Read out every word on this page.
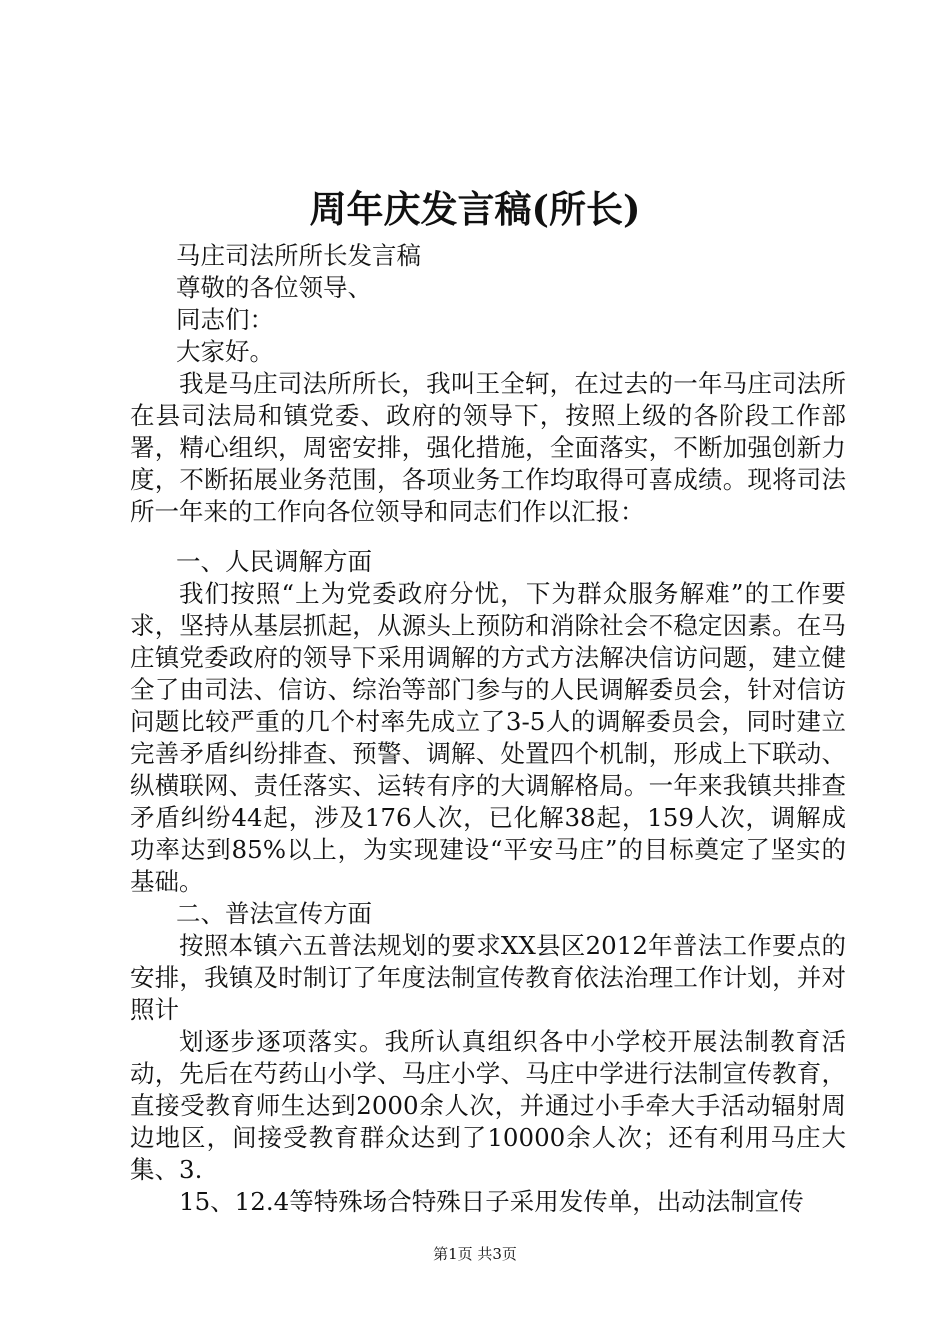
周年庆发言稿(所长)

马庄司法所所长发言稿

尊敬的各位领导、

同志们：

大家好。

我是马庄司法所所长，我叫王全轲，在过去的一年马庄司法所在县司法局和镇党委、政府的领导下，按照上级的各阶段工作部署，精心组织，周密安排，强化措施，全面落实，不断加强创新力度，不断拓展业务范围，各项业务工作均取得可喜成绩。现将司法所一年来的工作向各位领导和同志们作以汇报：

一、人民调解方面

我们按照“上为党委政府分忧，下为群众服务解难”的工作要求，坚持从基层抓起，从源头上预防和消除社会不稳定因素。在马庄镇党委政府的领导下采用调解的方式方法解决信访问题，建立健全了由司法、信访、综治等部门参与的人民调解委员会，针对信访问题比较严重的几个村率先成立了3-5人的调解委员会，同时建立完善矛盾纠纷排查、预警、调解、处置四个机制，形成上下联动、纵横联网、责任落实、运转有序的大调解格局。一年来我镇共排查矛盾纠纷44起，涉及176人次，已化解38起，159人次，调解成功率达到85%以上，为实现建设“平安马庄”的目标奠定了坚实的基础。

二、普法宣传方面

按照本镇六五普法规划的要求XX县区2012年普法工作要点的安排，我镇及时制订了年度法制宣传教育依法治理工作计划，并对照计

划逐步逐项落实。我所认真组织各中小学校开展法制教育活动，先后在芍药山小学、马庄小学、马庄中学进行法制宣传教育，直接受教育师生达到2000余人次，并通过小手牵大手活动辐射周边地区，间接受教育群众达到了10000余人次；还有利用马庄大集、3.

15、12.4等特殊场合特殊日子采用发传单，出动法制宣传

第1页 共3页
